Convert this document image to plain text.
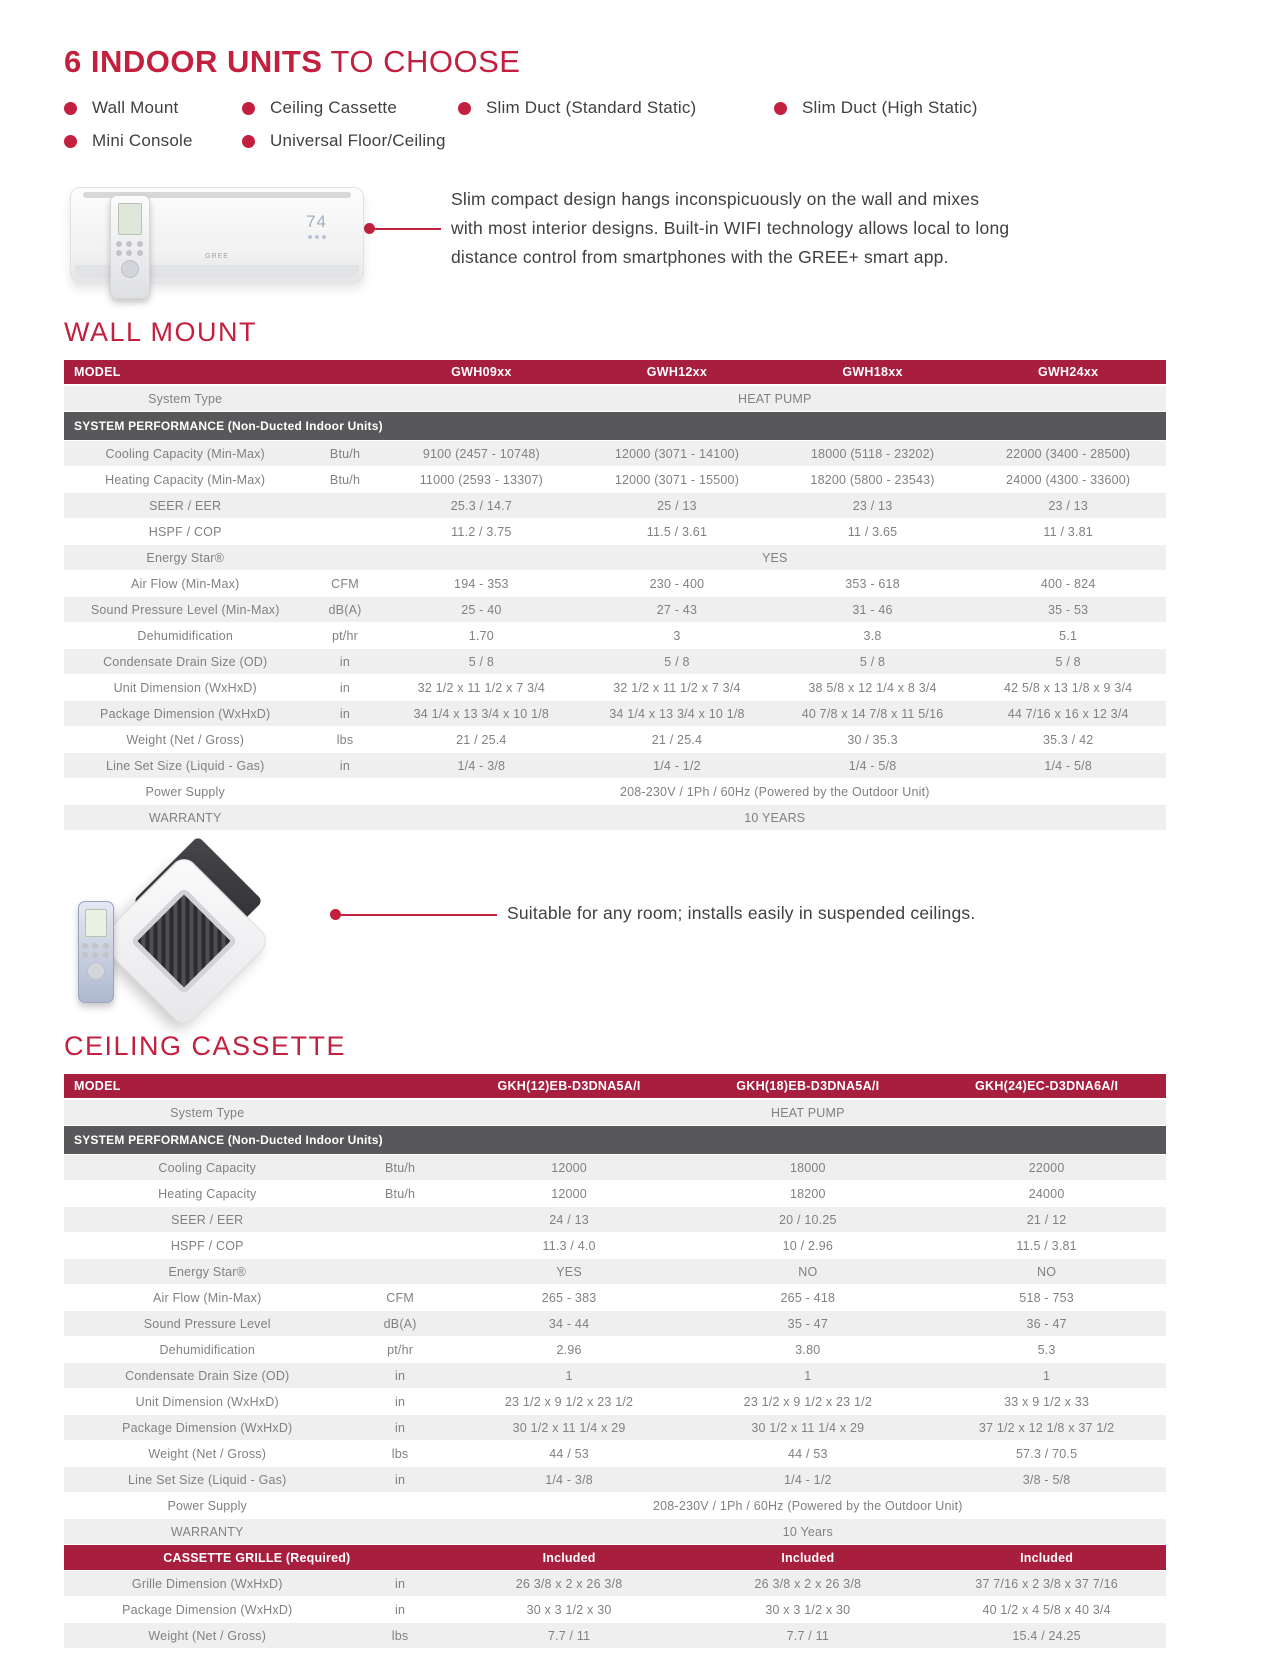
6 INDOOR UNITS TO CHOOSE
Wall Mount	Ceiling Cassette	Slim Duct (Standard Static)	Slim Duct (High Static)
Mini Console	Universal Floor/Ceiling
74
GREE
Slim compact design hangs inconspicuously on the wall and mixes
with most interior designs. Built-in WIFI technology allows local to long
distance control from smartphones with the GREE+ smart app.
WALL MOUNT
MODEL		GWH09xx	GWH12xx	GWH18xx	GWH24xx
System Type		HEAT PUMP			
SYSTEM PERFORMANCE (Non-Ducted Indoor Units)					
Cooling Capacity (Min-Max)	Btu/h	9100 (2457 - 10748)	12000 (3071 - 14100)	18000 (5118 - 23202)	22000 (3400 - 28500)
Heating Capacity (Min-Max)	Btu/h	11000 (2593 - 13307)	12000 (3071 - 15500)	18200 (5800 - 23543)	24000 (4300 - 33600)
SEER / EER		25.3 / 14.7	25 / 13	23 / 13	23 / 13
HSPF / COP		11.2 / 3.75	11.5 / 3.61	11 / 3.65	11 / 3.81
Energy Star®		YES			
Air Flow (Min-Max)	CFM	194 - 353	230 - 400	353 - 618	400 - 824
Sound Pressure Level (Min-Max)	dB(A)	25 - 40	27 - 43	31 - 46	35 - 53
Dehumidification	pt/hr	1.70	3	3.8	5.1
Condensate Drain Size (OD)	in	5 / 8	5 / 8	5 / 8	5 / 8
Unit Dimension (WxHxD)	in	32 1/2 x 11 1/2 x 7 3/4	32 1/2 x 11 1/2 x 7 3/4	38 5/8 x 12 1/4 x 8 3/4	42 5/8 x 13 1/8 x 9 3/4
Package Dimension (WxHxD)	in	34 1/4 x 13 3/4 x 10 1/8	34 1/4 x 13 3/4 x 10 1/8	40 7/8 x 14 7/8 x 11 5/16	44 7/16 x 16 x 12 3/4
Weight (Net / Gross)	lbs	21 / 25.4	21 / 25.4	30 / 35.3	35.3 / 42
Line Set Size (Liquid - Gas)	in	1/4 - 3/8	1/4 - 1/2	1/4 - 5/8	1/4 - 5/8
Power Supply		208-230V / 1Ph / 60Hz (Powered by the Outdoor Unit)			
WARRANTY		10 YEARS			
Suitable for any room; installs easily in suspended ceilings.
CEILING CASSETTE
MODEL		GKH(12)EB-D3DNA5A/I	GKH(18)EB-D3DNA5A/I	GKH(24)EC-D3DNA6A/I
System Type		HEAT PUMP		
SYSTEM PERFORMANCE (Non-Ducted Indoor Units)				
Cooling Capacity	Btu/h	12000	18000	22000
Heating Capacity	Btu/h	12000	18200	24000
SEER / EER		24 / 13	20 / 10.25	21 / 12
HSPF / COP		11.3 / 4.0	10 / 2.96	11.5 / 3.81
Energy Star®		YES	NO	NO
Air Flow (Min-Max)	CFM	265 - 383	265 - 418	518 - 753
Sound Pressure Level	dB(A)	34 - 44	35 - 47	36 - 47
Dehumidification	pt/hr	2.96	3.80	5.3
Condensate Drain Size (OD)	in	1	1	1
Unit Dimension (WxHxD)	in	23 1/2 x 9 1/2 x 23 1/2	23 1/2 x 9 1/2 x 23 1/2	33 x 9 1/2 x 33
Package Dimension (WxHxD)	in	30 1/2 x 11 1/4 x 29	30 1/2 x 11 1/4 x 29	37 1/2 x 12 1/8 x 37 1/2
Weight (Net / Gross)	lbs	44 / 53	44 / 53	57.3 / 70.5
Line Set Size (Liquid - Gas)	in	1/4 - 3/8	1/4 - 1/2	3/8 - 5/8
Power Supply		208-230V / 1Ph / 60Hz (Powered by the Outdoor Unit)		
WARRANTY		10 Years		
CASSETTE GRILLE (Required)		Included	Included	Included
Grille Dimension (WxHxD)	in	26 3/8 x 2 x 26 3/8	26 3/8 x 2 x 26 3/8	37 7/16 x 2 3/8 x 37 7/16
Package Dimension (WxHxD)	in	30 x 3 1/2 x 30	30 x 3 1/2 x 30	40 1/2 x 4 5/8 x 40 3/4
Weight (Net / Gross)	lbs	7.7 / 11	7.7 / 11	15.4 / 24.25
